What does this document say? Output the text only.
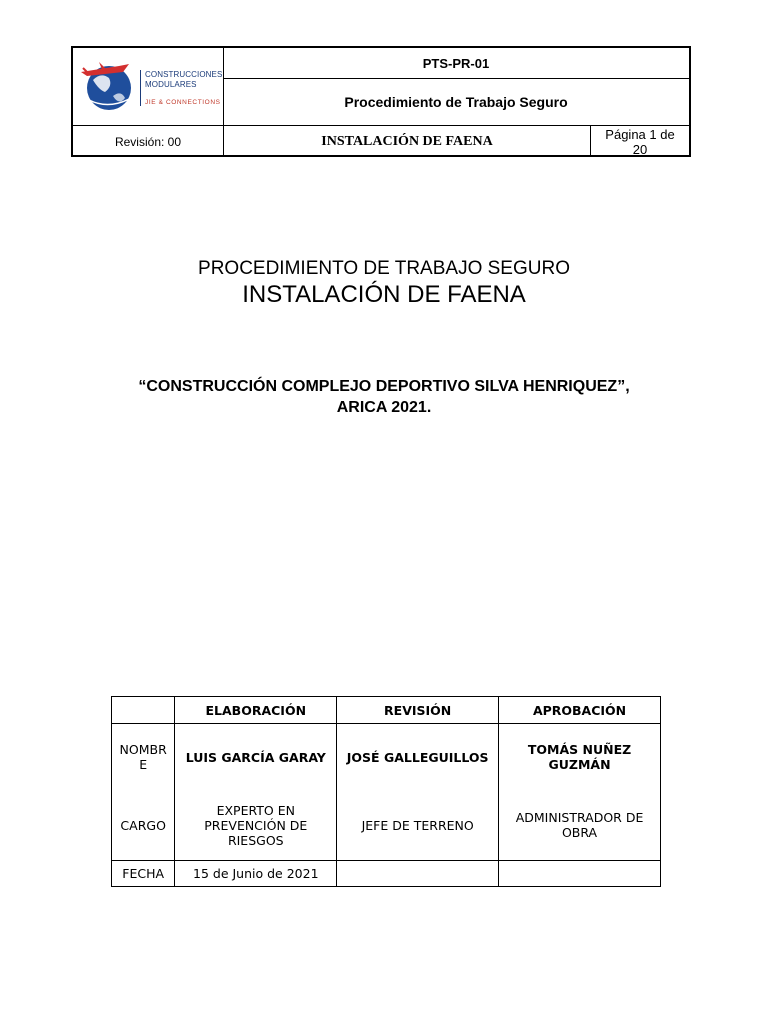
CONSTRUCCIONES
MODULARES
JIE & CONNECTIONS
PTS-PR-01
Procedimiento de Trabajo Seguro
Revisión: 00	INSTALACIÓN DE FAENA	Página 1 de
20
PROCEDIMIENTO DE TRABAJO SEGURO
INSTALACIÓN DE FAENA
“CONSTRUCCIÓN COMPLEJO DEPORTIVO SILVA HENRIQUEZ”,
ARICA 2021.
	ELABORACIÓN	REVISIÓN	APROBACIÓN

NOMBR
E	LUIS GARCÍA GARAY	JOSÉ GALLEGUILLOS	TOMÁS NUÑEZ GUZMÁN
CARGO	EXPERTO EN PREVENCIÓN DE RIESGOS	JEFE DE TERRENO	ADMINISTRADOR DE OBRA
FECHA	15 de Junio de 2021		
